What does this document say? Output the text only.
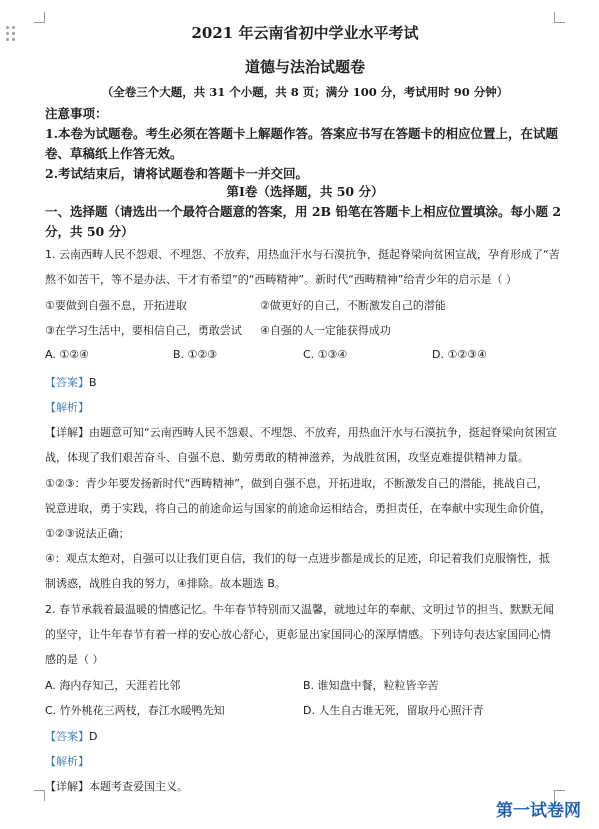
2021 年云南省初中学业水平考试
道德与法治试题卷
（全卷三个大题，共 31 个小题，共 8 页；满分 100 分，考试用时 90 分钟）
注意事项：
1.本卷为试题卷。考生必须在答题卡上解题作答。答案应书写在答题卡的相应位置上，在试题
卷、草稿纸上作答无效。
2.考试结束后，请将试题卷和答题卡一并交回。
第Ⅰ卷（选择题，共 50 分）
一、选择题（请选出一个最符合题意的答案，用 2B 铅笔在答题卡上相应位置填涂。每小题 2
分，共 50 分）
1. 云南西畴人民不怨艰、不埋怨、不放弃，用热血汗水与石漠抗争，挺起脊梁向贫困宣战，孕育形成了“苦
熬不如苦干，等不是办法、干才有希望”的“西畴精神”。新时代“西畴精神”给青少年的启示是（ ）
①要做到自强不息，开拓进取	②做更好的自己，不断激发自己的潜能
③在学习生活中，要相信自己，勇敢尝试 ④自强的人一定能获得成功
A. ①②④	B. ①②③	C. ①③④	D. ①②③④
【答案】B
【解析】
【详解】由题意可知“云南西畴人民不怨艰、不埋怨、不放弃，用热血汗水与石漠抗争，挺起脊梁向贫困宣
战，体现了我们艰苦奋斗、自强不息、勤劳勇敢的精神滋养，为战胜贫困，攻坚克难提供精神力量。
①②③：青少年要发扬新时代“西畴精神”，做到自强不息，开拓进取，不断激发自己的潜能，挑战自己，
锐意进取，勇于实践，将自己的前途命运与国家的前途命运相结合，勇担责任，在奉献中实现生命价值，
①②③说法正确；
④：观点太绝对，自强可以让我们更自信，我们的每一点进步都是成长的足迹，印记着我们克服惰性，抵
制诱惑，战胜自我的努力，④排除。故本题选 B。
2. 春节承载着最温暖的情感记忆。牛年春节特别而又温馨，就地过年的奉献、文明过节的担当、默默无闻
的坚守，让牛年春节有着一样的安心放心舒心，更彰显出家国同心的深厚情感。下列诗句表达家国同心情
感的是（ ）
A. 海内存知己，天涯若比邻	B. 谁知盘中餐，粒粒皆辛苦
C. 竹外桃花三两枝，春江水暖鸭先知	D. 人生自古谁无死，留取丹心照汗青
【答案】D
【解析】
【详解】本题考查爱国主义。
第一试卷网
